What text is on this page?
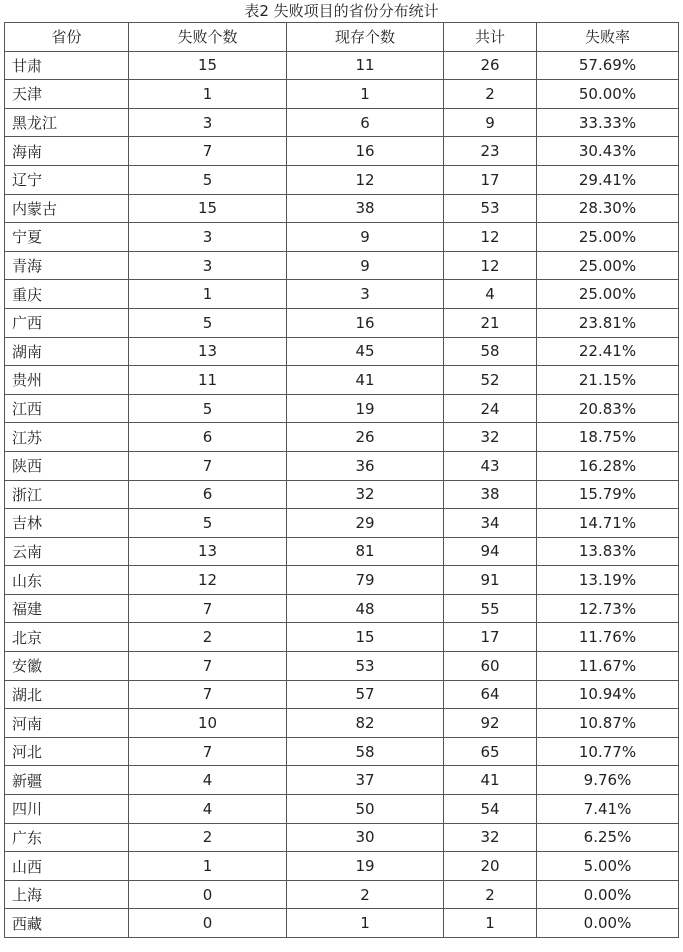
表2 失败项目的省份分布统计
省份	失败个数	现存个数	共计	失败率
甘肃	15	11	26	57.69%
天津	1	1	2	50.00%
黑龙江	3	6	9	33.33%
海南	7	16	23	30.43%
辽宁	5	12	17	29.41%
内蒙古	15	38	53	28.30%
宁夏	3	9	12	25.00%
青海	3	9	12	25.00%
重庆	1	3	4	25.00%
广西	5	16	21	23.81%
湖南	13	45	58	22.41%
贵州	11	41	52	21.15%
江西	5	19	24	20.83%
江苏	6	26	32	18.75%
陕西	7	36	43	16.28%
浙江	6	32	38	15.79%
吉林	5	29	34	14.71%
云南	13	81	94	13.83%
山东	12	79	91	13.19%
福建	7	48	55	12.73%
北京	2	15	17	11.76%
安徽	7	53	60	11.67%
湖北	7	57	64	10.94%
河南	10	82	92	10.87%
河北	7	58	65	10.77%
新疆	4	37	41	9.76%
四川	4	50	54	7.41%
广东	2	30	32	6.25%
山西	1	19	20	5.00%
上海	0	2	2	0.00%
西藏	0	1	1	0.00%
